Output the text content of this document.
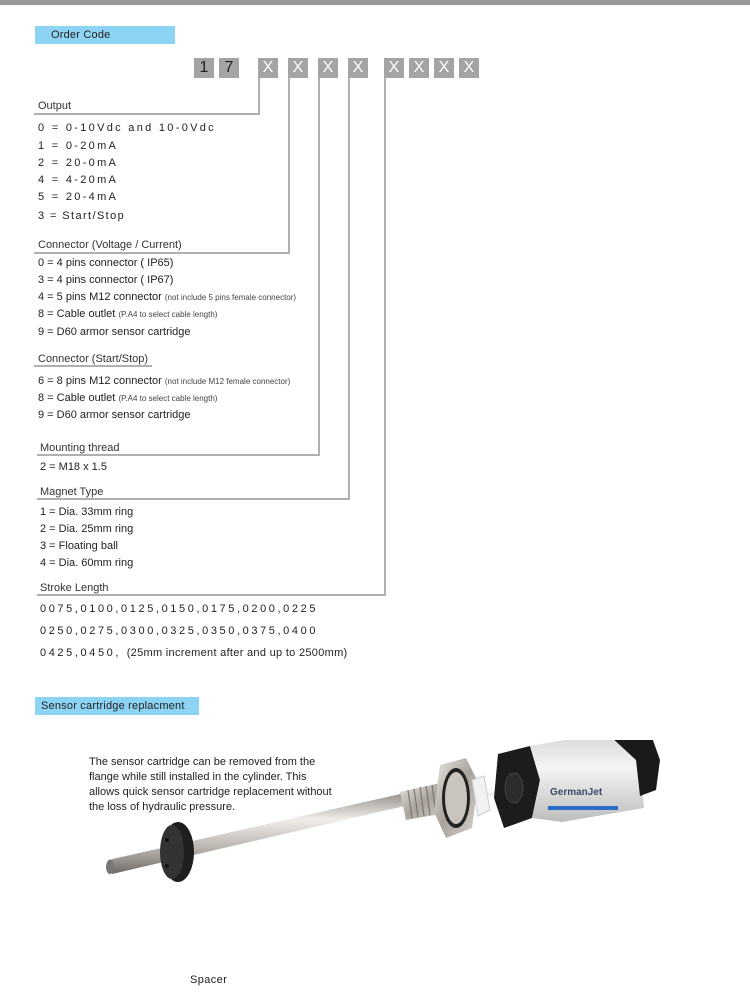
Order Code
1	7	X X X X X X X X
Output
0 = 0-10Vdc and 10-0Vdc
1 = 0-20mA
2 = 20-0mA
4 = 4-20mA
5 = 20-4mA
3 = Start/Stop
Connector (Voltage / Current)
0 = 4 pins connector ( IP65)
3 = 4 pins connector ( IP67)
4 = 5 pins M12 connector (not include 5 pins female connector)
8 = Cable outlet (P.A4 to select cable length)
9 = D60 armor sensor cartridge
Connector (Start/Stop)
6 = 8 pins M12 connector (not include M12 female connector)
8 = Cable outlet (P.A4 to select cable length)
9 = D60 armor sensor cartridge
Mounting thread
2 = M18 x 1.5
Magnet Type
1 = Dia. 33mm ring
2 = Dia. 25mm ring
3 = Floating ball
4 = Dia. 60mm ring
Stroke Length
0075,0100,0125,0150,0175,0200,0225
0250,0275,0300,0325,0350,0375,0400
0425,0450, (25mm increment after and up to 2500mm)
Sensor cartridge replacment
The sensor cartridge can be removed from the flange while still installed in the cylinder. This allows quick sensor cartridge replacement without the loss of hydraulic pressure.
GermanJet
Spacer
